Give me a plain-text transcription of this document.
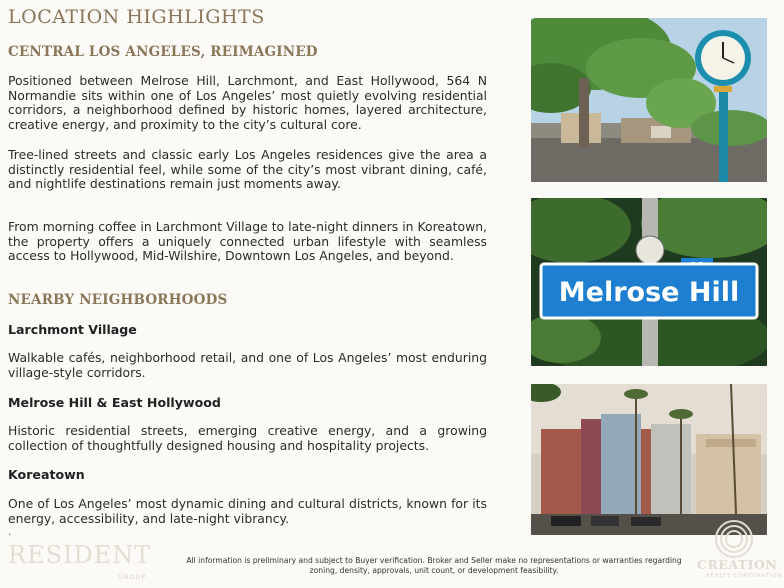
LOCATION HIGHLIGHTS
CENTRAL LOS ANGELES, REIMAGINED

Positioned between Melrose Hill, Larchmont, and East Hollywood, 564 N Normandie sits within one of Los Angeles’ most quietly evolving residential corridors, a neighborhood defined by historic homes, layered architecture, creative energy, and proximity to the city’s cultural core.

Tree-lined streets and classic early Los Angeles residences give the area a distinctly residential feel, while some of the city’s most vibrant dining, café, and nightlife destinations remain just moments away.

From morning coffee in Larchmont Village to late-night dinners in Koreatown, the property offers a uniquely connected urban lifestyle with seamless access to Hollywood, Mid-Wilshire, Downtown Los Angeles, and beyond.

NEARBY NEIGHBORHOODS
Larchmont Village

Walkable cafés, neighborhood retail, and one of Los Angeles’ most enduring village-style corridors.

Melrose Hill & East Hollywood

Historic residential streets, emerging creative energy, and a growing collection of thoughtfully designed housing and hospitality projects.

Koreatown

One of Los Angeles’ most dynamic dining and cultural districts, known for its energy, accessibility, and late-night vibrancy.

.
Melrose Hill
RESIDENT
GROUP
All information is preliminary and subject to Buyer verification. Broker and Seller make no representations or warranties regarding zoning, density, approvals, unit count, or development feasibility.	CREATION
REALTY CORPORATION
